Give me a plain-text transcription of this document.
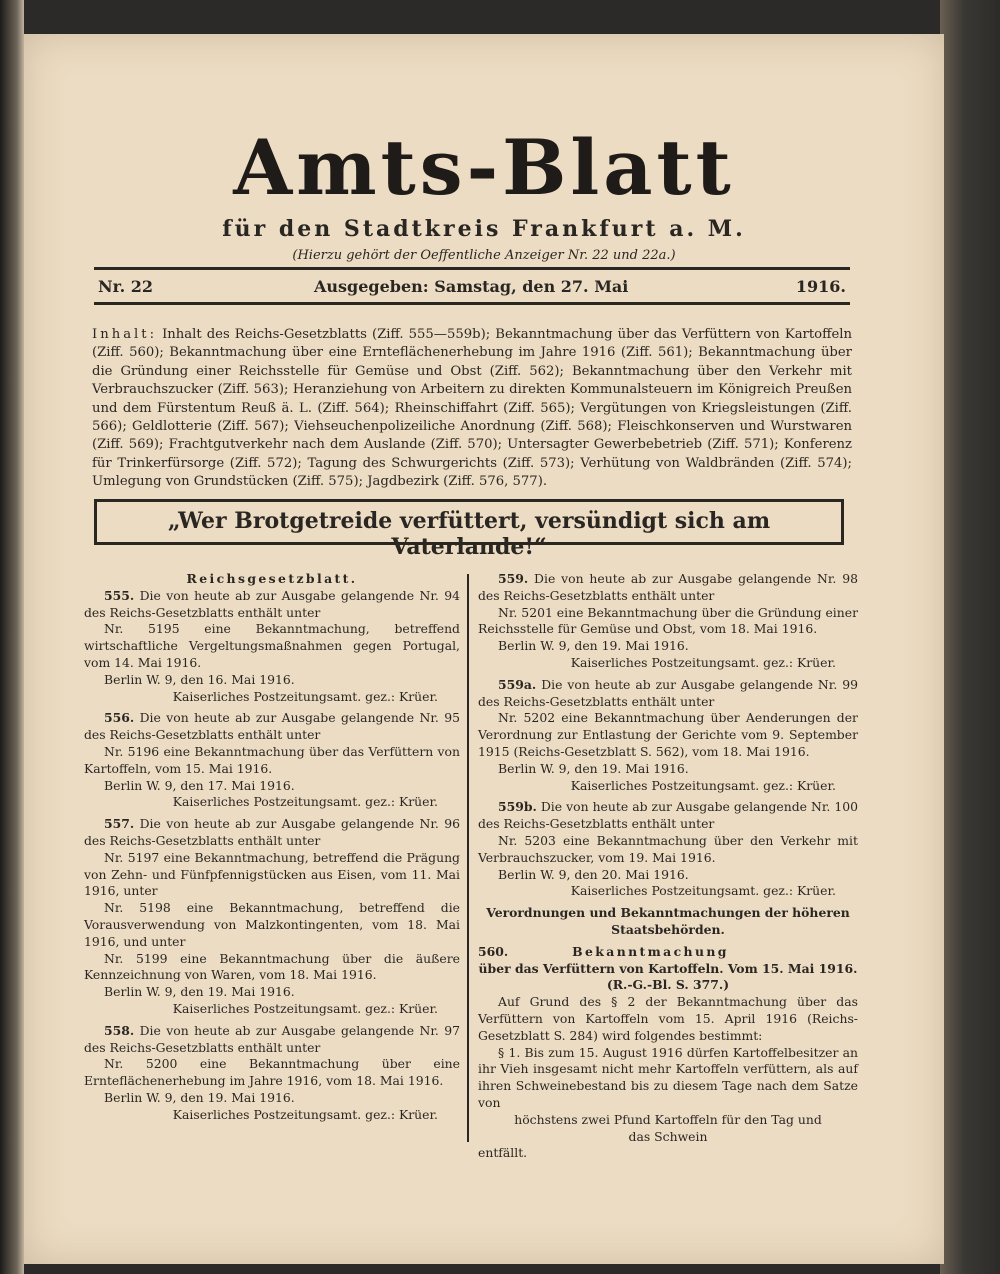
Amts-Blatt
für den Stadtkreis Frankfurt a. M.
(Hierzu gehört der Oeffentliche Anzeiger Nr. 22 und 22a.)
Nr. 22	Ausgegeben: Samstag, den 27. Mai	1916.
Inhalt: Inhalt des Reichs-Gesetzblatts (Ziff. 555—559b); Bekanntmachung über das Verfüttern von Kartoffeln (Ziff. 560); Bekanntmachung über eine Ernteflächenerhebung im Jahre 1916 (Ziff. 561); Bekanntmachung über die Gründung einer Reichsstelle für Gemüse und Obst (Ziff. 562); Bekanntmachung über den Verkehr mit Verbrauchszucker (Ziff. 563); Heranziehung von Arbeitern zu direkten Kommunalsteuern im Königreich Preußen und dem Fürstentum Reuß ä. L. (Ziff. 564); Rheinschiffahrt (Ziff. 565); Vergütungen von Kriegsleistungen (Ziff. 566); Geldlotterie (Ziff. 567); Viehseuchenpolizeiliche Anordnung (Ziff. 568); Fleischkonserven und Wurstwaren (Ziff. 569); Frachtgutverkehr nach dem Auslande (Ziff. 570); Untersagter Gewerbebetrieb (Ziff. 571); Konferenz für Trinkerfürsorge (Ziff. 572); Tagung des Schwurgerichts (Ziff. 573); Verhütung von Waldbränden (Ziff. 574); Umlegung von Grundstücken (Ziff. 575); Jagdbezirk (Ziff. 576, 577).
„Wer Brotgetreide verfüttert, versündigt sich am Vaterlande!“

Reichsgesetzblatt.

555. Die von heute ab zur Ausgabe gelangende Nr. 94 des Reichs-Gesetzblatts enthält unter

Nr. 5195 eine Bekanntmachung, betreffend wirtschaftliche Vergeltungsmaßnahmen gegen Portugal, vom 14. Mai 1916.

Berlin W. 9, den 16. Mai 1916.

Kaiserliches Postzeitungsamt. gez.: Krüer.

556. Die von heute ab zur Ausgabe gelangende Nr. 95 des Reichs-Gesetzblatts enthält unter

Nr. 5196 eine Bekanntmachung über das Verfüttern von Kartoffeln, vom 15. Mai 1916.

Berlin W. 9, den 17. Mai 1916.

Kaiserliches Postzeitungsamt. gez.: Krüer.

557. Die von heute ab zur Ausgabe gelangende Nr. 96 des Reichs-Gesetzblatts enthält unter

Nr. 5197 eine Bekanntmachung, betreffend die Prägung von Zehn- und Fünfpfennigstücken aus Eisen, vom 11. Mai 1916, unter

Nr. 5198 eine Bekanntmachung, betreffend die Vorausverwendung von Malzkontingenten, vom 18. Mai 1916, und unter

Nr. 5199 eine Bekanntmachung über die äußere Kennzeichnung von Waren, vom 18. Mai 1916.

Berlin W. 9, den 19. Mai 1916.

Kaiserliches Postzeitungsamt. gez.: Krüer.

558. Die von heute ab zur Ausgabe gelangende Nr. 97 des Reichs-Gesetzblatts enthält unter

Nr. 5200 eine Bekanntmachung über eine Ernteflächenerhebung im Jahre 1916, vom 18. Mai 1916.

Berlin W. 9, den 19. Mai 1916.

Kaiserliches Postzeitungsamt. gez.: Krüer.

559. Die von heute ab zur Ausgabe gelangende Nr. 98 des Reichs-Gesetzblatts enthält unter

Nr. 5201 eine Bekanntmachung über die Gründung einer Reichsstelle für Gemüse und Obst, vom 18. Mai 1916.

Berlin W. 9, den 19. Mai 1916.

Kaiserliches Postzeitungsamt. gez.: Krüer.

559a. Die von heute ab zur Ausgabe gelangende Nr. 99 des Reichs-Gesetzblatts enthält unter

Nr. 5202 eine Bekanntmachung über Aenderungen der Verordnung zur Entlastung der Gerichte vom 9. September 1915 (Reichs-Gesetzblatt S. 562), vom 18. Mai 1916.

Berlin W. 9, den 19. Mai 1916.

Kaiserliches Postzeitungsamt. gez.: Krüer.

559b. Die von heute ab zur Ausgabe gelangende Nr. 100 des Reichs-Gesetzblatts enthält unter

Nr. 5203 eine Bekanntmachung über den Verkehr mit Verbrauchszucker, vom 19. Mai 1916.

Berlin W. 9, den 20. Mai 1916.

Kaiserliches Postzeitungsamt. gez.: Krüer.

Verordnungen und Bekanntmachungen der höheren Staatsbehörden.

560.	Bekanntmachung

über das Verfüttern von Kartoffeln. Vom 15. Mai 1916. (R.-G.-Bl. S. 377.)

Auf Grund des § 2 der Bekanntmachung über das Verfüttern von Kartoffeln vom 15. April 1916 (Reichs-Gesetzblatt S. 284) wird folgendes bestimmt:

§ 1. Bis zum 15. August 1916 dürfen Kartoffelbesitzer an ihr Vieh insgesamt nicht mehr Kartoffeln verfüttern, als auf ihren Schweinebestand bis zu diesem Tage nach dem Satze von

höchstens zwei Pfund Kartoffeln für den Tag und das Schwein

entfällt.
